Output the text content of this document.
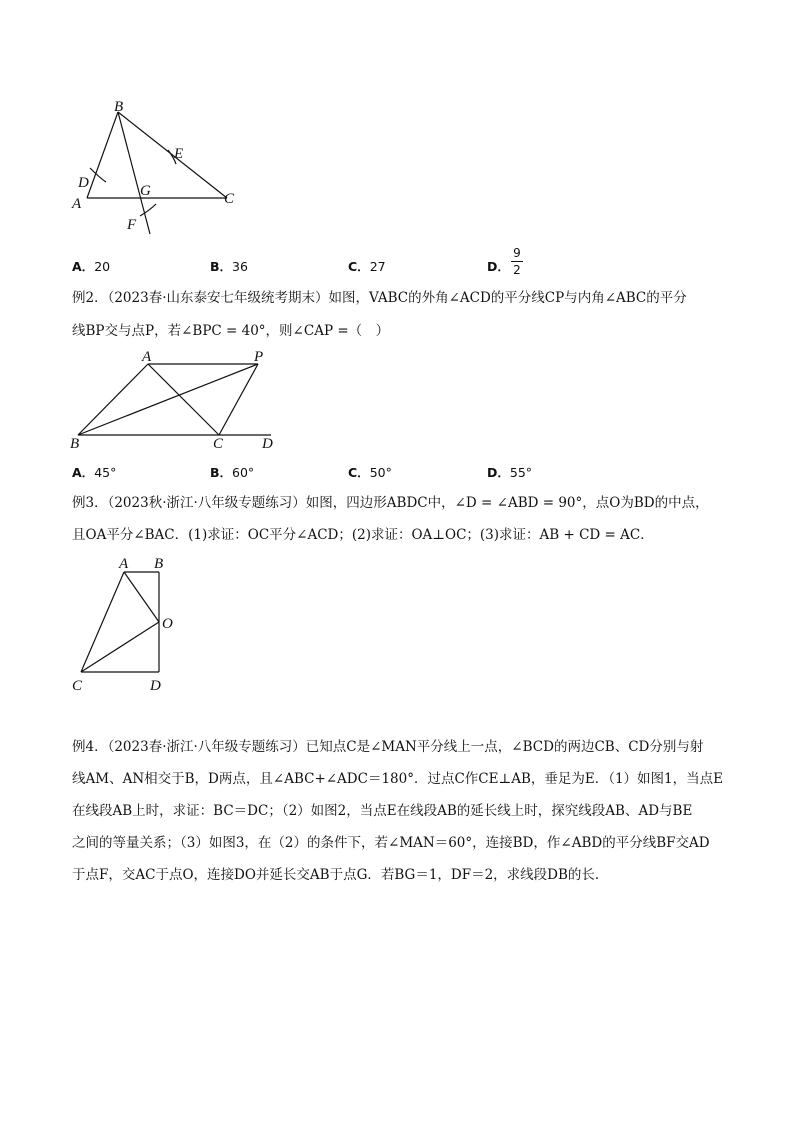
B
E
D	G
A	C
F
A．20	B．36	C．27	D．
9
2
例2．（2023春·山东泰安七年级统考期末）如图，VABC的外角∠ACD的平分线CP与内角∠ABC的平分
线BP交与点P，若∠BPC = 40°，则∠CAP =（　）
A	P
B	C	D
A．45°	B．60°	C．50°	D．55°
例3．（2023秋·浙江·八年级专题练习）如图，四边形ABDC中，∠D = ∠ABD = 90°，点O为BD的中点，
且OA平分∠BAC．(1)求证：OC平分∠ACD；(2)求证：OA⊥OC；(3)求证：AB + CD = AC．
A B
O
C	D
例4．（2023春·浙江·八年级专题练习）已知点C是∠MAN平分线上一点，∠BCD的两边CB、CD分别与射
线AM、AN相交于B，D两点，且∠ABC+∠ADC＝180°．过点C作CE⊥AB，垂足为E．（1）如图1，当点E
在线段AB上时，求证：BC＝DC；（2）如图2，当点E在线段AB的延长线上时，探究线段AB、AD与BE
之间的等量关系；（3）如图3，在（2）的条件下，若∠MAN＝60°，连接BD，作∠ABD的平分线BF交AD
于点F，交AC于点O，连接DO并延长交AB于点G．若BG＝1，DF＝2，求线段DB的长．
